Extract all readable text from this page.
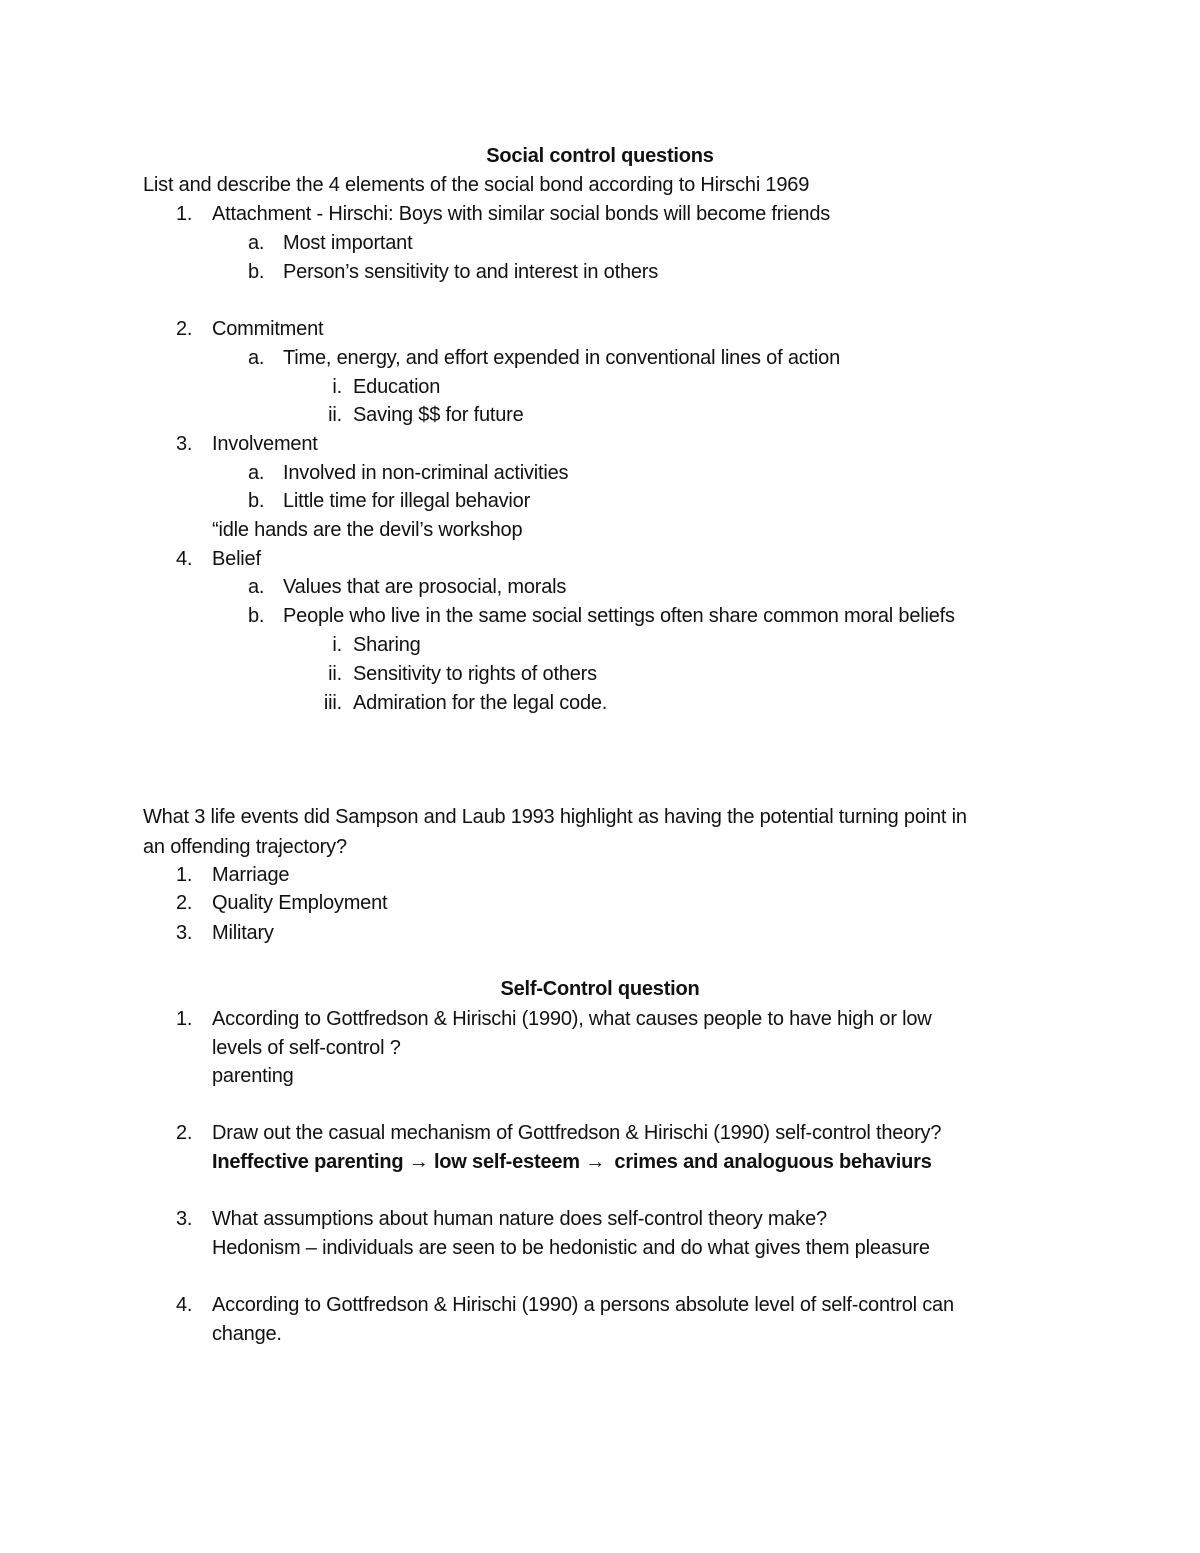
Social control questions
List and describe the 4 elements of the social bond according to Hirschi 1969
1. Attachment - Hirschi: Boys with similar social bonds will become friends
a. Most important
b. Person’s sensitivity to and interest in others
2. Commitment
a. Time, energy, and effort expended in conventional lines of action
i. Education
ii. Saving $$ for future
3. Involvement
a. Involved in non-criminal activities
b. Little time for illegal behavior
“idle hands are the devil’s workshop
4. Belief
a. Values that are prosocial, morals
b. People who live in the same social settings often share common moral beliefs
i. Sharing
ii. Sensitivity to rights of others
iii. Admiration for the legal code.
What 3 life events did Sampson and Laub 1993 highlight as having the potential turning point in
an offending trajectory?
1. Marriage
2. Quality Employment
3. Military
Self-Control question
1. According to Gottfredson & Hirischi (1990), what causes people to have high or low
levels of self-control ?
parenting
2. Draw out the casual mechanism of Gottfredson & Hirischi (1990) self-control theory?
Ineffective parenting → low self-esteem → crimes and analoguous behaviurs
3. What assumptions about human nature does self-control theory make?
Hedonism – individuals are seen to be hedonistic and do what gives them pleasure
4. According to Gottfredson & Hirischi (1990) a persons absolute level of self-control can
change.
